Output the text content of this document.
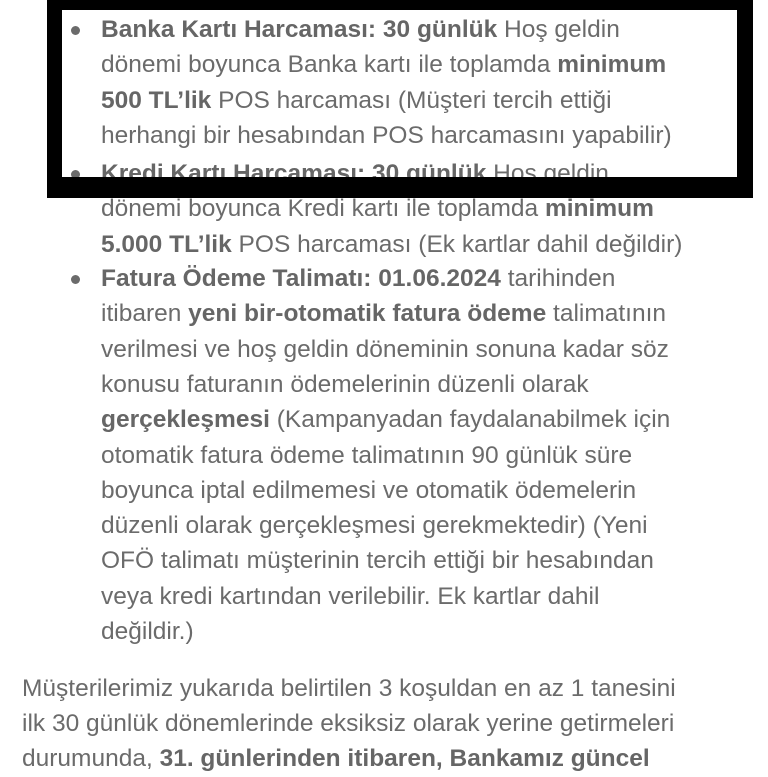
Banka Kartı Harcaması: 30 günlük Hoş geldin
dönemi boyunca Banka kartı ile toplamda minimum
500 TL’lik POS harcaması (Müşteri tercih ettiği
herhangi bir hesabından POS harcamasını yapabilir)
Kredi Kartı Harcaması: 30 günlük Hoş geldin
dönemi boyunca Kredi kartı ile toplamda minimum
5.000 TL’lik POS harcaması (Ek kartlar dahil değildir)
Fatura Ödeme Talimatı: 01.06.2024 tarihinden
itibaren yeni bir-otomatik fatura ödeme talimatının
verilmesi ve hoş geldin döneminin sonuna kadar söz
konusu faturanın ödemelerinin düzenli olarak
gerçekleşmesi (Kampanyadan faydalanabilmek için
otomatik fatura ödeme talimatının 90 günlük süre
boyunca iptal edilmemesi ve otomatik ödemelerin
düzenli olarak gerçekleşmesi gerekmektedir) (Yeni
OFÖ talimatı müşterinin tercih ettiği bir hesabından
veya kredi kartından verilebilir. Ek kartlar dahil
değildir.)
Müşterilerimiz yukarıda belirtilen 3 koşuldan en az 1 tanesini
ilk 30 günlük dönemlerinde eksiksiz olarak yerine getirmeleri
durumunda, 31. günlerinden itibaren, Bankamız güncel
